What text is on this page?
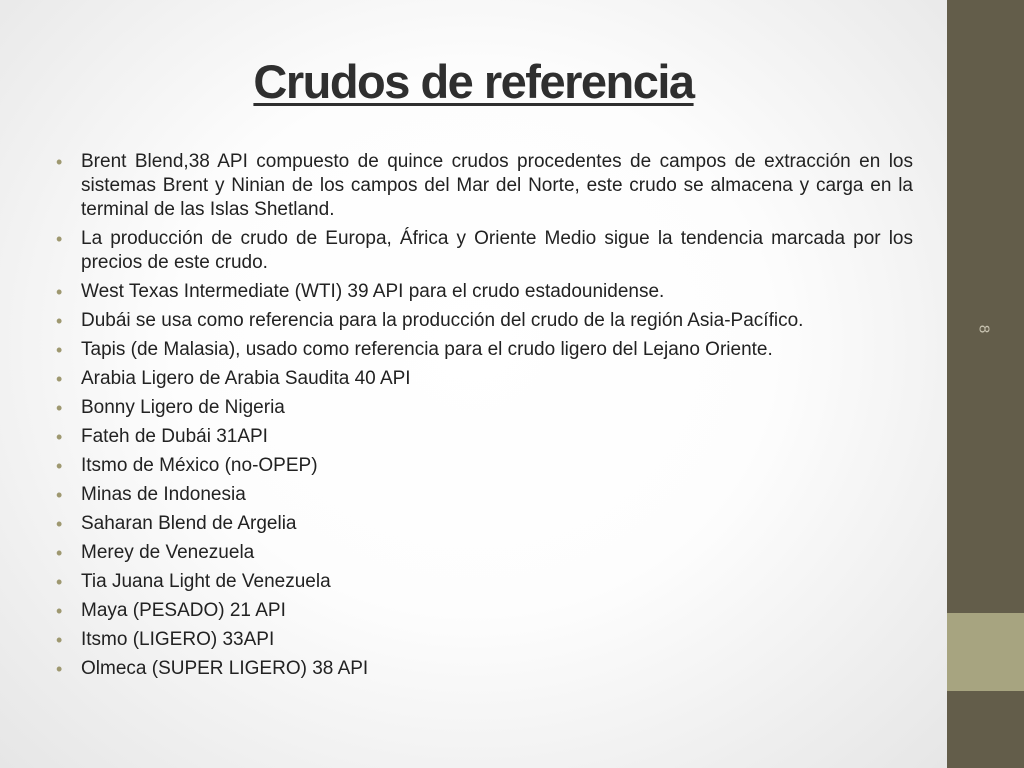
Crudos de referencia
• Brent Blend,38 API compuesto de quince crudos procedentes de campos de extracción en los sistemas Brent y Ninian de los campos del Mar del Norte, este crudo se almacena y carga en la terminal de las Islas Shetland.
• La producción de crudo de Europa, África y Oriente Medio sigue la tendencia marcada por los precios de este crudo.
• West Texas Intermediate (WTI) 39 API para el crudo estadounidense.
• Dubái se usa como referencia para la producción del crudo de la región Asia-Pacífico.
• Tapis (de Malasia), usado como referencia para el crudo ligero del Lejano Oriente.
• Arabia Ligero de Arabia Saudita 40 API
• Bonny Ligero de Nigeria
• Fateh de Dubái 31API
• Itsmo de México (no-OPEP)
• Minas de Indonesia
• Saharan Blend de Argelia
• Merey de Venezuela
• Tia Juana Light de Venezuela
• Maya (PESADO) 21 API
• Itsmo (LIGERO) 33API
• Olmeca (SUPER LIGERO) 38 API
8
